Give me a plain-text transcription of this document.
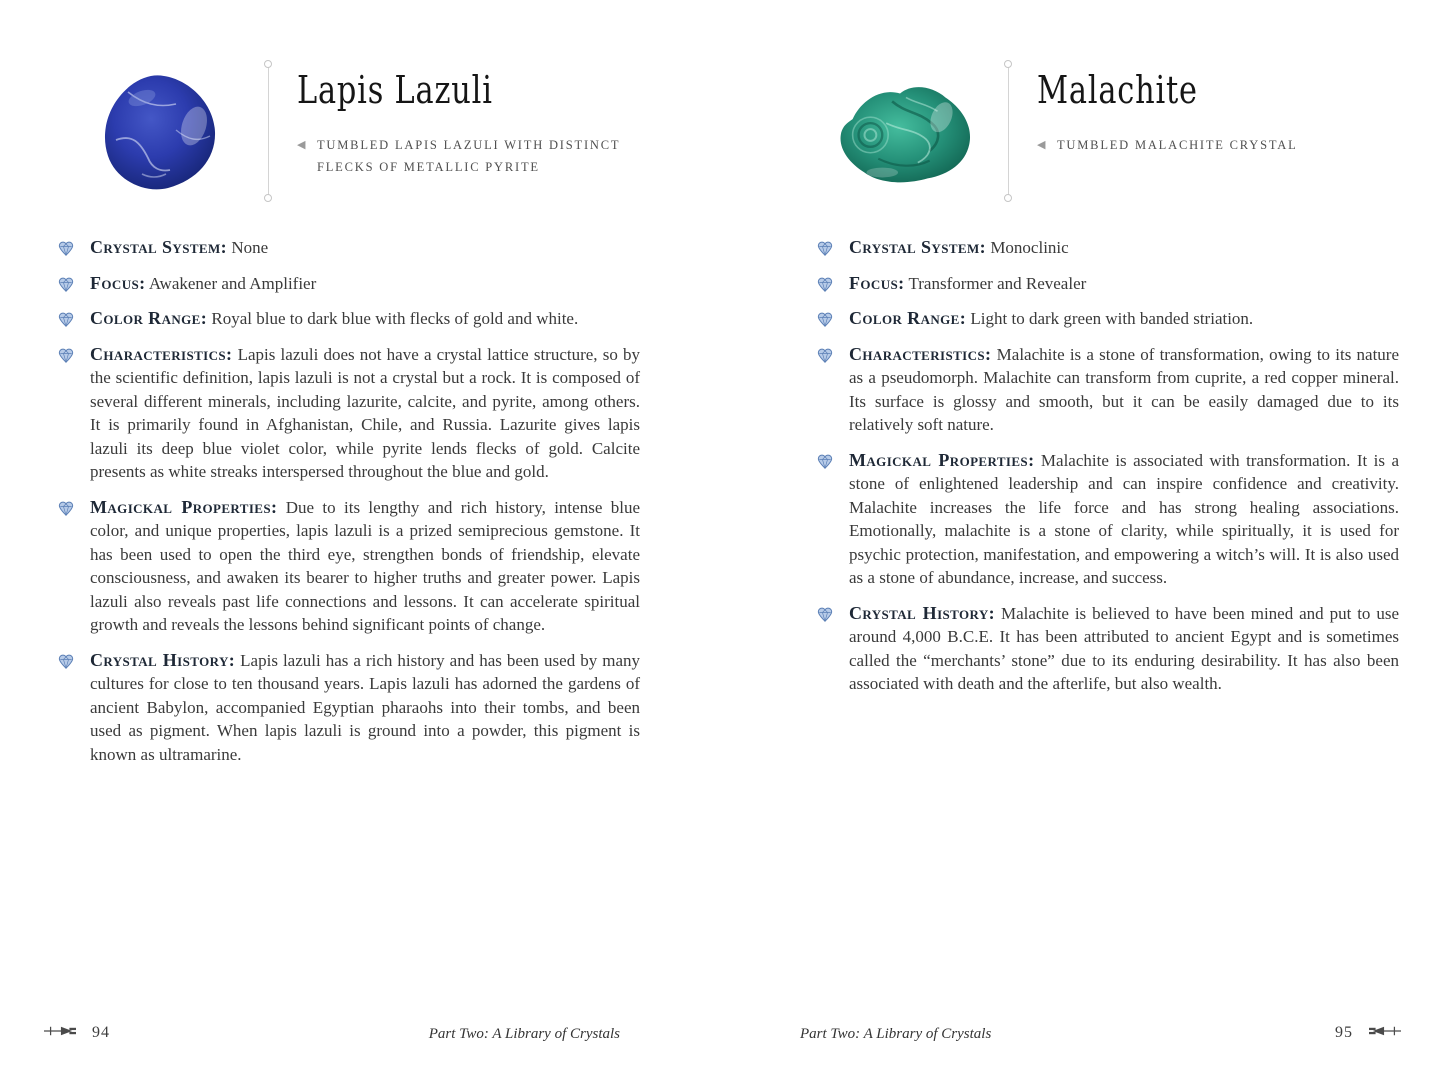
Lapis Lazuli

◀ TUMBLED LAPIS LAZULI WITH DISTINCT FLECKS OF METALLIC PYRITE

Crystal System: None
Focus: Awakener and Amplifier
Color Range: Royal blue to dark blue with flecks of gold and white.
Characteristics: Lapis lazuli does not have a crystal lattice structure, so by the scientific definition, lapis lazuli is not a crystal but a rock. It is composed of several different minerals, including lazurite, calcite, and pyrite, among others. It is primarily found in Afghanistan, Chile, and Russia. Lazurite gives lapis lazuli its deep blue violet color, while pyrite lends flecks of gold. Calcite presents as white streaks interspersed throughout the blue and gold.
Magickal Properties: Due to its lengthy and rich history, intense blue color, and unique properties, lapis lazuli is a prized semiprecious gemstone. It has been used to open the third eye, strengthen bonds of friendship, elevate consciousness, and awaken its bearer to higher truths and greater power. Lapis lazuli also reveals past life connections and lessons. It can accelerate spiritual growth and reveals the lessons behind significant points of change.
Crystal History: Lapis lazuli has a rich history and has been used by many cultures for close to ten thousand years. Lapis lazuli has adorned the gardens of ancient Babylon, accompanied Egyptian pharaohs into their tombs, and been used as pigment. When lapis lazuli is ground into a powder, this pigment is known as ultramarine.
Malachite

◀ TUMBLED MALACHITE CRYSTAL

Crystal System: Monoclinic
Focus: Transformer and Revealer
Color Range: Light to dark green with banded striation.
Characteristics: Malachite is a stone of transformation, owing to its nature as a pseudomorph. Malachite can transform from cuprite, a red copper mineral. Its surface is glossy and smooth, but it can be easily damaged due to its relatively soft nature.
Magickal Properties: Malachite is associated with transformation. It is a stone of enlightened leadership and can inspire confidence and creativity. Malachite increases the life force and has strong healing associations. Emotionally, malachite is a stone of clarity, while spiritually, it is used for psychic protection, manifestation, and empowering a witch’s will. It is also used as a stone of abundance, increase, and success.
Crystal History: Malachite is believed to have been mined and put to use around 4,000 B.C.E. It has been attributed to ancient Egypt and is sometimes called the “merchants’ stone” due to its enduring desirability. It has also been associated with death and the afterlife, but also wealth.
94	Part Two: A Library of Crystals	Part Two: A Library of Crystals	95
